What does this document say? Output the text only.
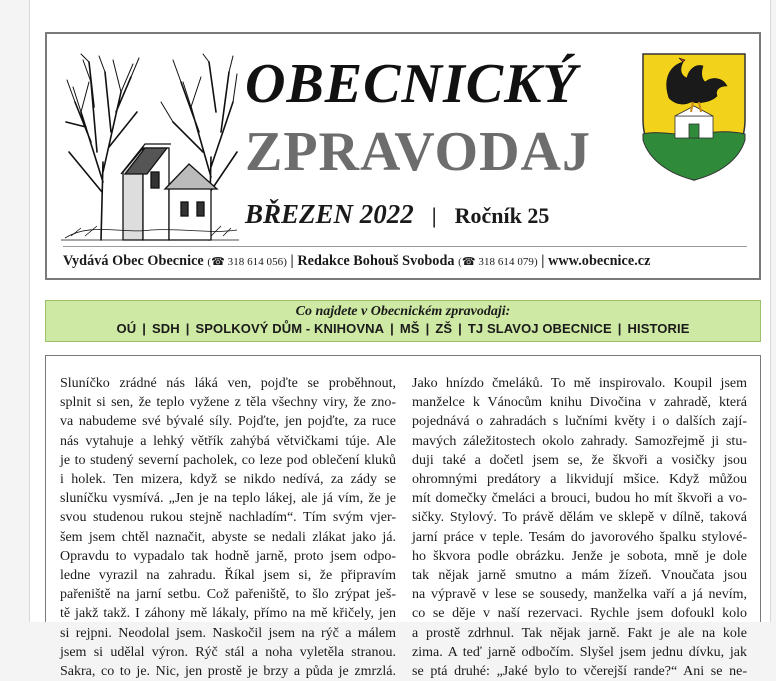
OBECNICKÝ
ZPRAVODAJ
BŘEZEN 2022 | Ročník 25
Vydává Obec Obecnice (☎ 318 614 056) | Redakce Bohouš Svoboda (☎ 318 614 079) | www.obecnice.cz
Co najdete v Obecnickém zpravodaji:
OÚ | SDH | SPOLKOVÝ DŮM - KNIHOVNA | MŠ | ZŠ | TJ SLAVOJ OBECNICE | HISTORIE
Sluníčko zrádné nás láká ven, pojďte se proběhnout,
splnit si sen, že teplo vyžene z těla všechny viry, že zno-
va nabudeme své bývalé síly. Pojďte, jen pojďte, za ruce
nás vytahuje a lehký větřík zahýbá větvičkami túje. Ale
je to studený severní pacholek, co leze pod oblečení kluků
i holek. Ten mizera, když se nikdo nedívá, za zády se
sluníčku vysmívá. „Jen je na teplo lákej, ale já vím, že je
svou studenou rukou stejně nachladím“. Tím svým vjer-
šem jsem chtěl naznačit, abyste se nedali zlákat jako já.
Opravdu to vypadalo tak hodně jarně, proto jsem odpo-
ledne vyrazil na zahradu. Říkal jsem si, že připravím
pařeniště na jarní setbu. Což pařeniště, to šlo zrýpat ješ-
tě jakž takž. I záhony mě lákaly, přímo na mě křičely, jen
si rejpni. Neodolal jsem. Naskočil jsem na rýč a málem
jsem si udělal výron. Rýč stál a noha vyletěla stranou.
Sakra, co to je. Nic, jen prostě je brzy a půda je zmrzlá.
Jako hnízdo čmeláků. To mě inspirovalo. Koupil jsem
manželce k Vánocům knihu Divočina v zahradě, která
pojednává o zahradách s lučními květy i o dalších zají-
mavých záležitostech okolo zahrady. Samozřejmě ji stu-
duji také a dočetl jsem se, že škvoři a vosičky jsou
ohromnými predátory a likvidují mšice. Když můžou
mít domečky čmeláci a brouci, budou ho mít škvoři a vo-
sičky. Stylový. To právě dělám ve sklepě v dílně, taková
jarní práce v teple. Tesám do javorového špalku stylové-
ho škvora podle obrázku. Jenže je sobota, mně je dole
tak nějak jarně smutno a mám žízeň. Vnoučata jsou
na výpravě v lese se sousedy, manželka vaří a já nevím,
co se děje v naší rezervaci. Rychle jsem dofoukl kolo
a prostě zdrhnul. Tak nějak jarně. Fakt je ale na kole
zima. A teď jarně odbočím. Slyšel jsem jednu dívku, jak
se ptá druhé: „Jaké bylo to včerejší rande?“ Ani se ne-
